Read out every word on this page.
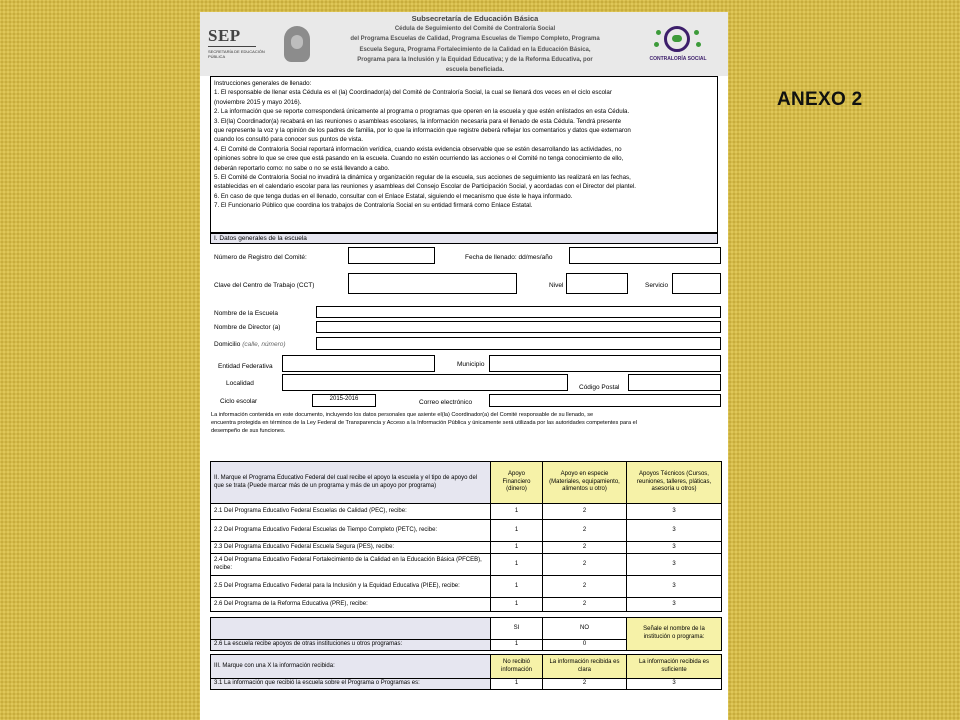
ANEXO 2
SEP
SECRETARÍA DE EDUCACIÓN PÚBLICA
Subsecretaría de Educación Básica
Cédula de Seguimiento del Comité de Contraloría Social
del Programa Escuelas de Calidad, Programa Escuelas de Tiempo Completo, Programa
Escuela Segura, Programa Fortalecimiento de la Calidad en la Educación Básica,
Programa para la Inclusión y la Equidad Educativa; y de la Reforma Educativa, por
escuela beneficiada.
CONTRALORÍA SOCIAL
Instrucciones generales de llenado:
1. El responsable de llenar esta Cédula es el (la) Coordinador(a) del Comité de Contraloría Social, la cual se llenará dos veces en el ciclo escolar
(noviembre 2015 y mayo 2016).
2. La información que se reporte corresponderá únicamente al programa o programas que operen en la escuela y que estén enlistados en esta Cédula.
3. El(la) Coordinador(a) recabará en las reuniones o asambleas escolares, la información necesaria para el llenado de esta Cédula. Tendrá presente
que represente la voz y la opinión de los padres de familia, por lo que la información que registre deberá reflejar los comentarios y datos que externaron
cuando los consultó para conocer sus puntos de vista.
4. El Comité de Contraloría Social reportará información verídica, cuando exista evidencia observable que se estén desarrollando las actividades, no
opiniones sobre lo que se cree que está pasando en la escuela. Cuando no estén ocurriendo las acciones o el Comité no tenga conocimiento de ello,
deberán reportarlo como: no sabe o no se está llevando a cabo.
5. El Comité de Contraloría Social no invadirá la dinámica y organización regular de la escuela, sus acciones de seguimiento las realizará en las fechas,
establecidas en el calendario escolar para las reuniones y asambleas del Consejo Escolar de Participación Social, y acordadas con el Director del plantel.
6. En caso de que tenga dudas en el llenado, consultar con el Enlace Estatal, siguiendo el mecanismo que éste le haya informado.
7. El Funcionario Público que coordina los trabajos de Contraloría Social en su entidad firmará como Enlace Estatal.
I. Datos generales de la escuela
Número de Registro del Comité:	Fecha de llenado: dd/mes/año
Clave del Centro de Trabajo (CCT)	Nivel	Servicio
Nombre de la Escuela
Nombre de Director (a)
Domicilio (calle, número)
Entidad Federativa	Municipio
Localidad
Código Postal
Ciclo escolar	2015-2016	Correo electrónico
La información contenida en este documento, incluyendo los datos personales que asiente el(la) Coordinador(a) del Comité responsable de su llenado, se
encuentra protegida en términos de la Ley Federal de Transparencia y Acceso a la Información Pública y únicamente será utilizada por las autoridades competentes para el
desempeño de sus funciones.
II. Marque el Programa Educativo Federal del cual recibe el apoyo la escuela y el tipo de apoyo del que se trata (Puede marcar más de un programa y más de un apoyo por programa)	Apoyo Financiero (dinero)	Apoyo en especie (Materiales, equipamiento, alimentos u otro)	Apoyos Técnicos (Cursos, reuniones, talleres, pláticas, asesoría u otros)
2.1 Del Programa Educativo Federal Escuelas de Calidad (PEC), recibe:	1	2	3
2.2 Del Programa Educativo Federal Escuelas de Tiempo Completo (PETC), recibe:	1	2	3
2.3 Del Programa Educativo Federal Escuela Segura (PES), recibe:	1	2	3
2.4 Del Programa Educativo Federal Fortalecimiento de la Calidad en la Educación Básica (PFCEB), recibe:	1	2	3
2.5 Del Programa Educativo Federal para la Inclusión y la Equidad Educativa (PIEE), recibe:	1	2	3
2.6 Del Programa de la Reforma Educativa (PRE), recibe:	1	2	3
	SI	NO	Señale el nombre de la institución o programa:
2.6 La escuela recibe apoyos de otras instituciones u otros programas:	1	0	
III. Marque con una X la información recibida:	No recibió información	La información recibida es clara	La información recibida es suficiente
3.1 La información que recibió la escuela sobre el Programa o Programas es:	1	2	3
